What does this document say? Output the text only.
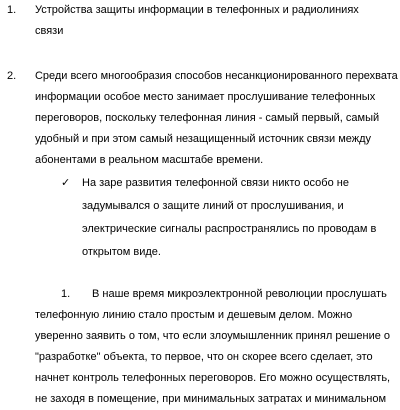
1. Устройства защиты информации в телефонных и радиолиниях
связи
2. Среди всего многообразия способов несанкционированного перехвата
информации особое место занимает прослушивание телефонных
переговоров, поскольку телефонная линия - самый первый, самый
удобный и при этом самый незащищенный источник связи между
абонентами в реальном масштабе времени.
✓ На заре развития телефонной связи никто особо не
задумывался о защите линий от прослушивания, и
электрические сигналы распространялись по проводам в
открытом виде.
1. В наше время микроэлектронной революции прослушать
телефонную линию стало простым и дешевым делом. Можно
уверенно заявить о том, что если злоумышленник принял решение о
"разработке" объекта, то первое, что он скорее всего сделает, это
начнет контроль телефонных переговоров. Его можно осуществлять,
не заходя в помещение, при минимальных затратах и минимальном
